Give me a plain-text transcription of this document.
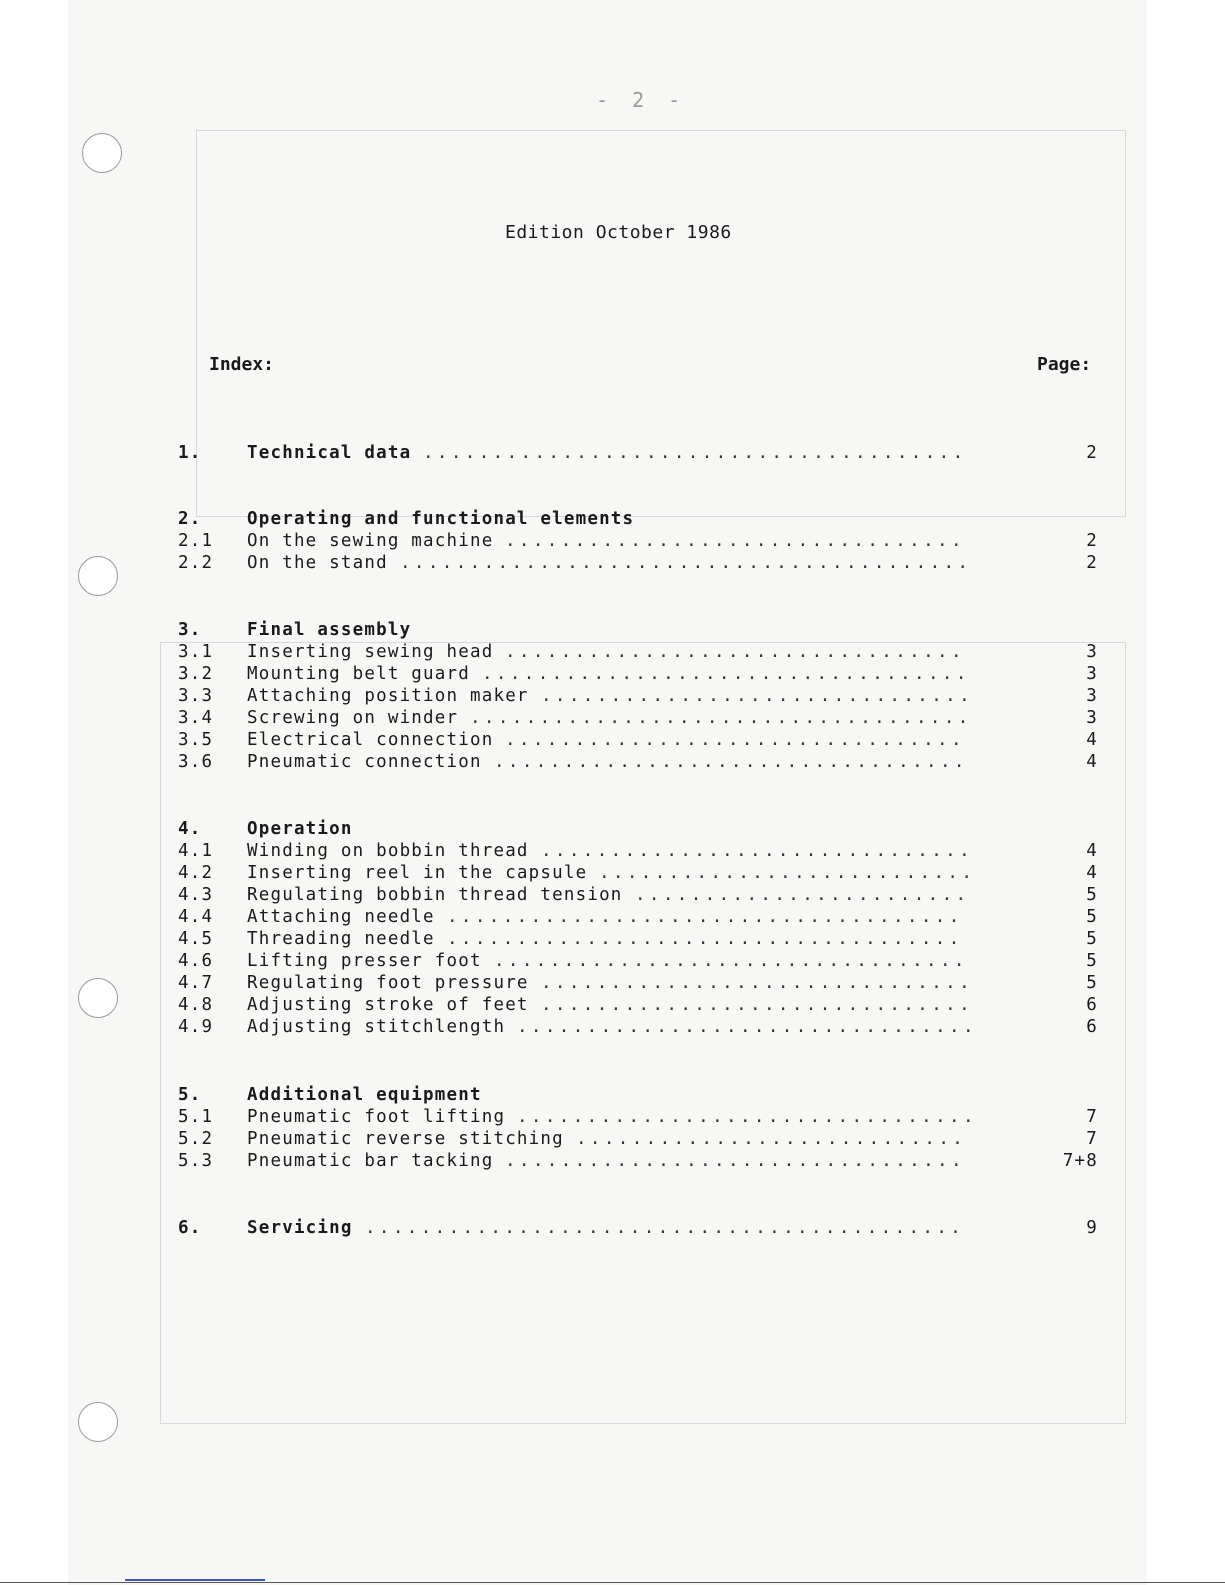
- 2 -
Edition October 1986
Index:	Page:
1.	Technical data .......................................	2
2.	Operating and functional elements
2.1 On the sewing machine .................................	2
2.2 On the stand .........................................	2
3.	Final assembly
3.1 Inserting sewing head .................................	3
3.2 Mounting belt guard ...................................	3
3.3 Attaching position maker ...............................	3
3.4 Screwing on winder ....................................	3
3.5 Electrical connection .................................	4
3.6 Pneumatic connection ..................................	4
4.	Operation
4.1 Winding on bobbin thread ...............................	4
4.2 Inserting reel in the capsule ...........................	4
4.3 Regulating bobbin thread tension ........................	5
4.4 Attaching needle .....................................	5
4.5 Threading needle .....................................	5
4.6 Lifting presser foot ..................................	5
4.7 Regulating foot pressure ...............................	5
4.8 Adjusting stroke of feet ...............................	6
4.9 Adjusting stitchlength .................................	6
5.	Additional equipment
5.1 Pneumatic foot lifting .................................	7
5.2 Pneumatic reverse stitching ............................	7
5.3 Pneumatic bar tacking .................................	7+8
6.	Servicing ...........................................	9
